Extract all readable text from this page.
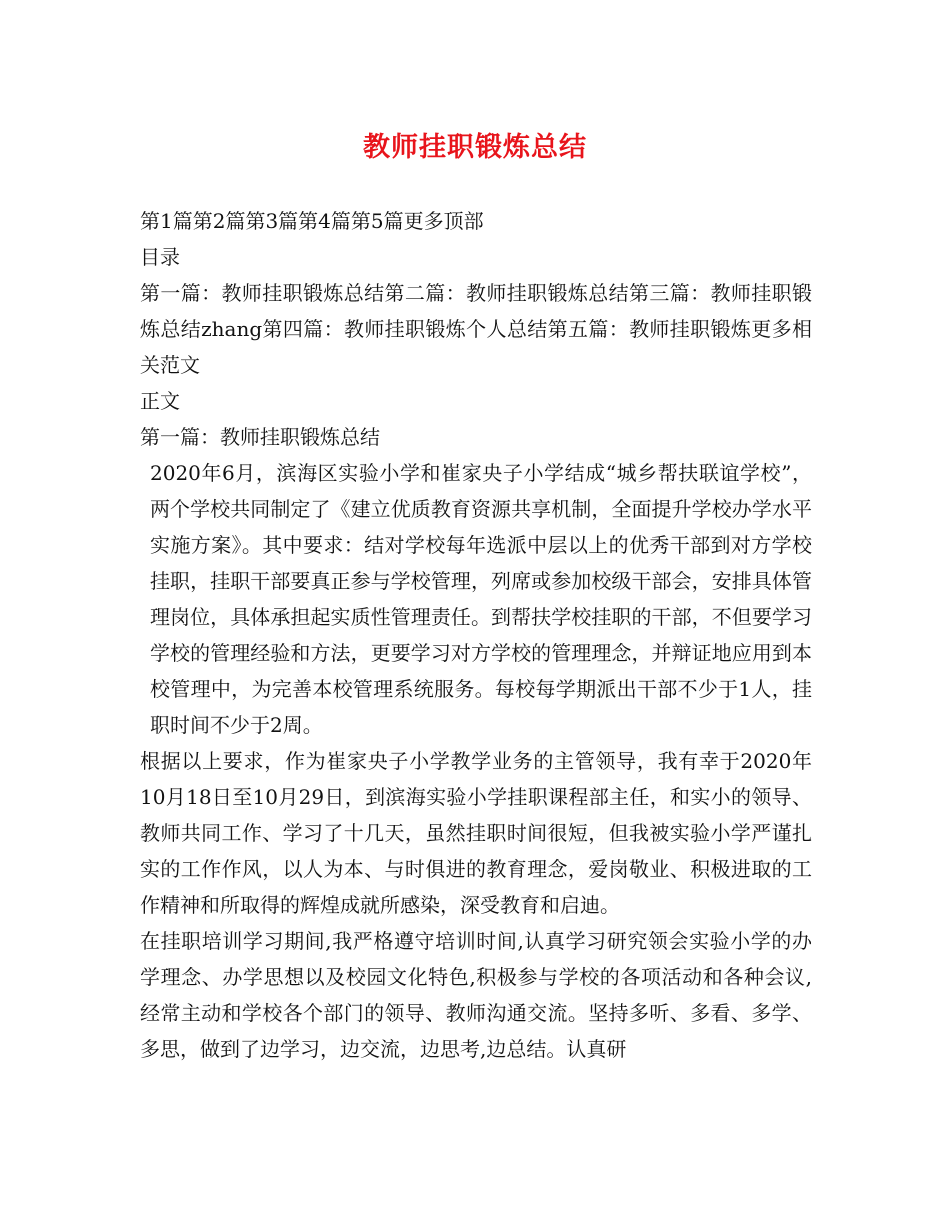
教师挂职锻炼总结
第1篇第2篇第3篇第4篇第5篇更多顶部
目录

第一篇：教师挂职锻炼总结第二篇：教师挂职锻炼总结第三篇：教师挂职锻炼总结zhang第四篇：教师挂职锻炼个人总结第五篇：教师挂职锻炼更多相关范文

正文
第一篇：教师挂职锻炼总结

2020年6月，滨海区实验小学和崔家央子小学结成“城乡帮扶联谊学校”，两个学校共同制定了《建立优质教育资源共享机制，全面提升学校办学水平实施方案》。其中要求：结对学校每年选派中层以上的优秀干部到对方学校挂职，挂职干部要真正参与学校管理，列席或参加校级干部会，安排具体管理岗位，具体承担起实质性管理责任。到帮扶学校挂职的干部，不但要学习学校的管理经验和方法，更要学习对方学校的管理理念，并辩证地应用到本校管理中，为完善本校管理系统服务。每校每学期派出干部不少于1人，挂职时间不少于2周。

根据以上要求，作为崔家央子小学教学业务的主管领导，我有幸于2020年10月18日至10月29日，到滨海实验小学挂职课程部主任，和实小的领导、教师共同工作、学习了十几天，虽然挂职时间很短，但我被实验小学严谨扎实的工作作风，以人为本、与时俱进的教育理念，爱岗敬业、积极进取的工作精神和所取得的辉煌成就所感染，深受教育和启迪。

在挂职培训学习期间,我严格遵守培训时间,认真学习研究领会实验小学的办学理念、办学思想以及校园文化特色,积极参与学校的各项活动和各种会议,经常主动和学校各个部门的领导、教师沟通交流。坚持多听、多看、多学、多思，做到了边学习，边交流，边思考,边总结。认真研
